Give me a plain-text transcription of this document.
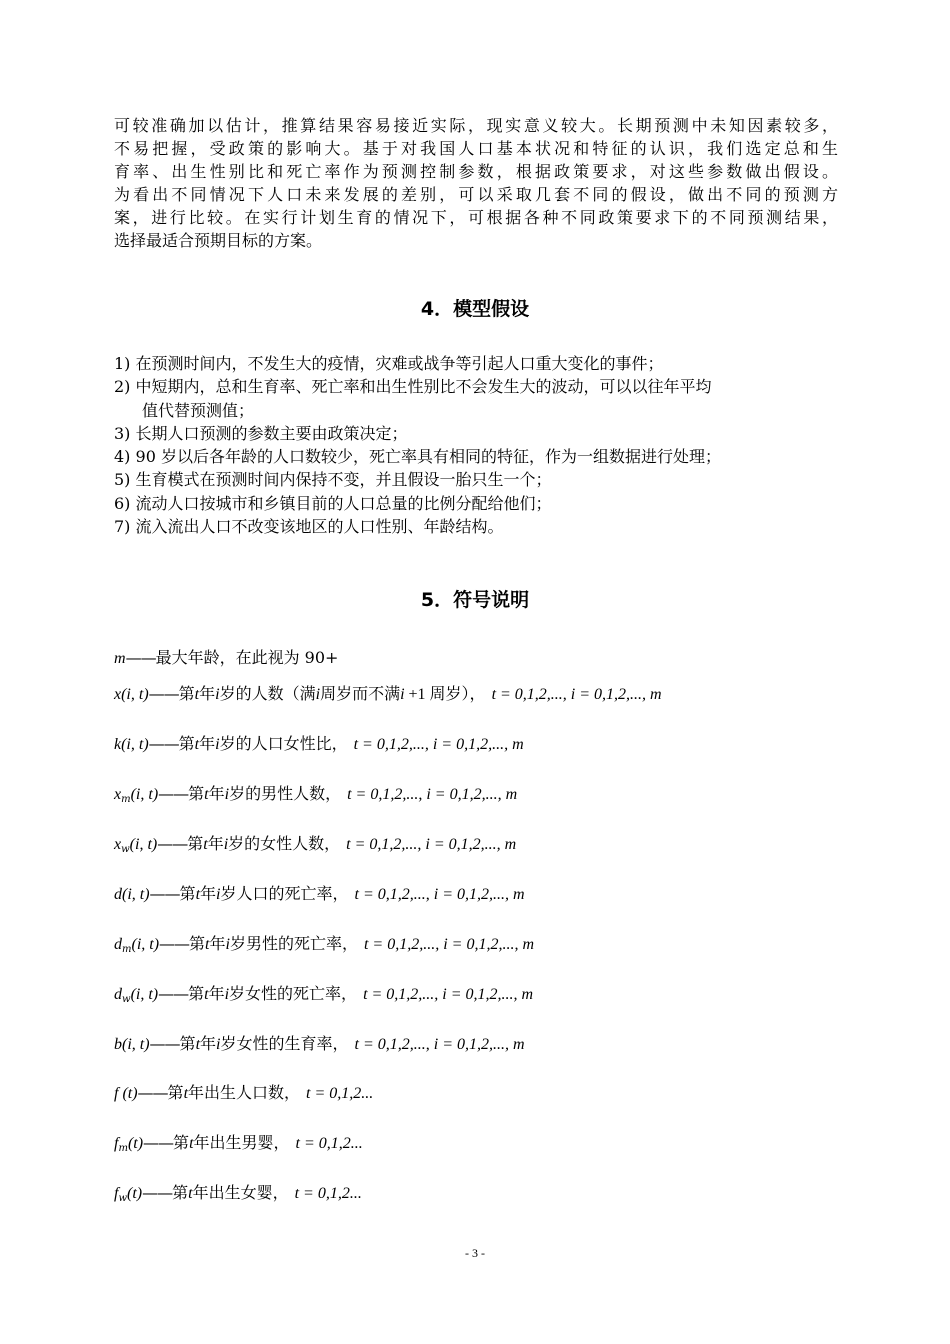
可较准确加以估计，推算结果容易接近实际，现实意义较大。长期预测中未知因素较多，
不易把握，受政策的影响大。基于对我国人口基本状况和特征的认识，我们选定总和生
育率、出生性别比和死亡率作为预测控制参数，根据政策要求，对这些参数做出假设。
为看出不同情况下人口未来发展的差别，可以采取几套不同的假设，做出不同的预测方
案，进行比较。在实行计划生育的情况下，可根据各种不同政策要求下的不同预测结果，
选择最适合预期目标的方案。
4．模型假设
1) 在预测时间内，不发生大的疫情，灾难或战争等引起人口重大变化的事件；
2) 中短期内，总和生育率、死亡率和出生性别比不会发生大的波动，可以以往年平均
值代替预测值；
3) 长期人口预测的参数主要由政策决定；
4) 90 岁以后各年龄的人口数较少，死亡率具有相同的特征，作为一组数据进行处理；
5) 生育模式在预测时间内保持不变，并且假设一胎只生一个；
6) 流动人口按城市和乡镇目前的人口总量的比例分配给他们；
7) 流入流出人口不改变该地区的人口性别、年龄结构。
5．符号说明
m——最大年龄，在此视为 90+
x(i, t)——第t年i岁的人数（满i周岁而不满i +1 周岁）， t = 0,1,2,..., i = 0,1,2,..., m
k(i, t)——第t年i岁的人口女性比， t = 0,1,2,..., i = 0,1,2,..., m
$x_m(i$, t)——第t年i岁的男性人数， t = 0,1,2,..., i = 0,1,2,..., m
$x_w(i$, t)——第t年i岁的女性人数， t = 0,1,2,..., i = 0,1,2,..., m
d(i, t)——第t年i岁人口的死亡率， t = 0,1,2,..., i = 0,1,2,..., m
$d_m(i$, t)——第t年i岁男性的死亡率， t = 0,1,2,..., i = 0,1,2,..., m
$d_w(i$, t)——第t年i岁女性的死亡率， t = 0,1,2,..., i = 0,1,2,..., m
b(i, t)——第t年i岁女性的生育率， t = 0,1,2,..., i = 0,1,2,..., m
f (t)——第t年出生人口数， t = 0,1,2...
$f_m(t)——$第t年出生男婴， t = 0,1,2...
$f_w(t)——$第t年出生女婴， t = 0,1,2...
- 3 -
